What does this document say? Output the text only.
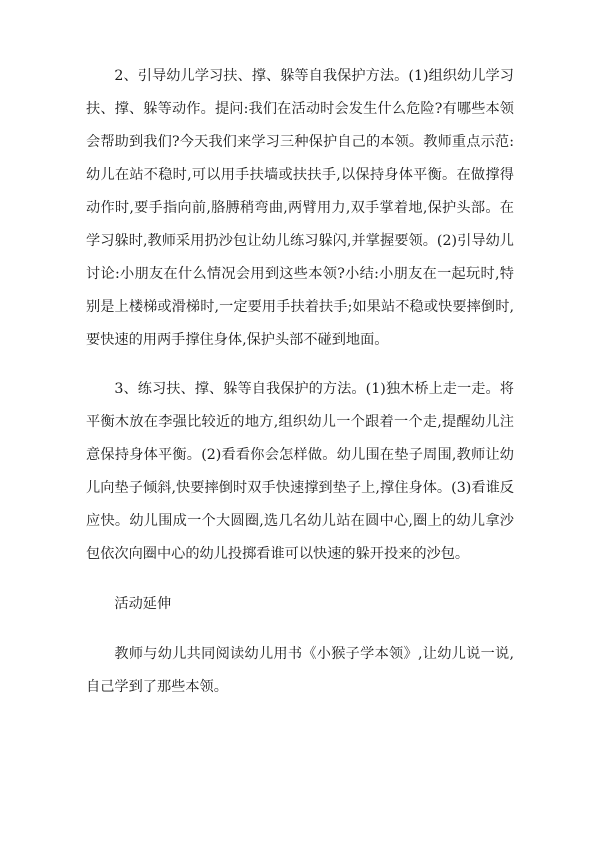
2、引导幼儿学习扶、撑、躲等自我保护方法。(1)组织幼儿学习扶、撑、躲等动作。提问:我们在活动时会发生什么危险?有哪些本领会帮助到我们?今天我们来学习三种保护自己的本领。教师重点示范:幼儿在站不稳时,可以用手扶墙或扶扶手,以保持身体平衡。在做撑得动作时,要手指向前,胳膊稍弯曲,两臂用力,双手掌着地,保护头部。在学习躲时,教师采用扔沙包让幼儿练习躲闪,并掌握要领。(2)引导幼儿讨论:小朋友在什么情况会用到这些本领?小结:小朋友在一起玩时,特别是上楼梯或滑梯时,一定要用手扶着扶手;如果站不稳或快要摔倒时,要快速的用两手撑住身体,保护头部不碰到地面。

3、练习扶、撑、躲等自我保护的方法。(1)独木桥上走一走。将平衡木放在李强比较近的地方,组织幼儿一个跟着一个走,提醒幼儿注意保持身体平衡。(2)看看你会怎样做。幼儿围在垫子周围,教师让幼儿向垫子倾斜,快要摔倒时双手快速撑到垫子上,撑住身体。(3)看谁反应快。幼儿围成一个大圆圈,选几名幼儿站在圆中心,圈上的幼儿拿沙包依次向圈中心的幼儿投掷看谁可以快速的躲开投来的沙包。

活动延伸

教师与幼儿共同阅读幼儿用书《小猴子学本领》,让幼儿说一说,自己学到了那些本领。
